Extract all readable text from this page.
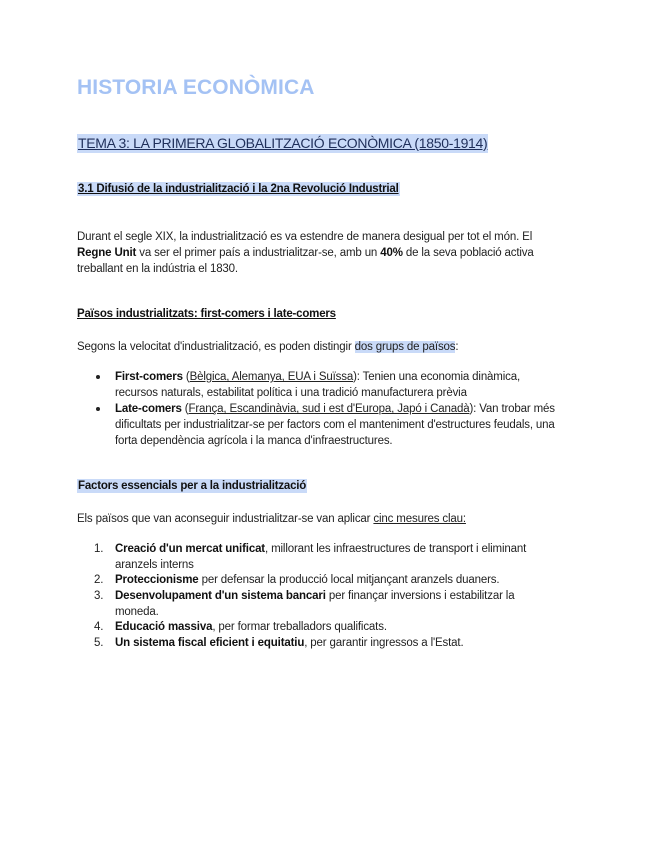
HISTORIA ECONÒMICA
TEMA 3: LA PRIMERA GLOBALITZACIÓ ECONÒMICA (1850-1914)
3.1 Difusió de la industrialització i la 2na Revolució Industrial
Durant el segle XIX, la industrialització es va estendre de manera desigual per tot el món. El Regne Unit va ser el primer país a industrialitzar-se, amb un 40% de la seva població activa treballant en la indústria el 1830.
Països industrialitzats: first-comers i late-comers
Segons la velocitat d'industrialització, es poden distingir dos grups de països:
First-comers (Bèlgica, Alemanya, EUA i Suïssa): Tenien una economia dinàmica, recursos naturals, estabilitat política i una tradició manufacturera prèvia
Late-comers (França, Escandinàvia, sud i est d'Europa, Japó i Canadà): Van trobar més dificultats per industrialitzar-se per factors com el manteniment d'estructures feudals, una forta dependència agrícola i la manca d'infraestructures.
Factors essencials per a la industrialització
Els països que van aconseguir industrialitzar-se van aplicar cinc mesures clau:
1. Creació d'un mercat unificat, millorant les infraestructures de transport i eliminant aranzels interns
2. Proteccionisme per defensar la producció local mitjançant aranzels duaners.
3. Desenvolupament d'un sistema bancari per finançar inversions i estabilitzar la moneda.
4. Educació massiva, per formar treballadors qualificats.
5. Un sistema fiscal eficient i equitatiu, per garantir ingressos a l'Estat.
